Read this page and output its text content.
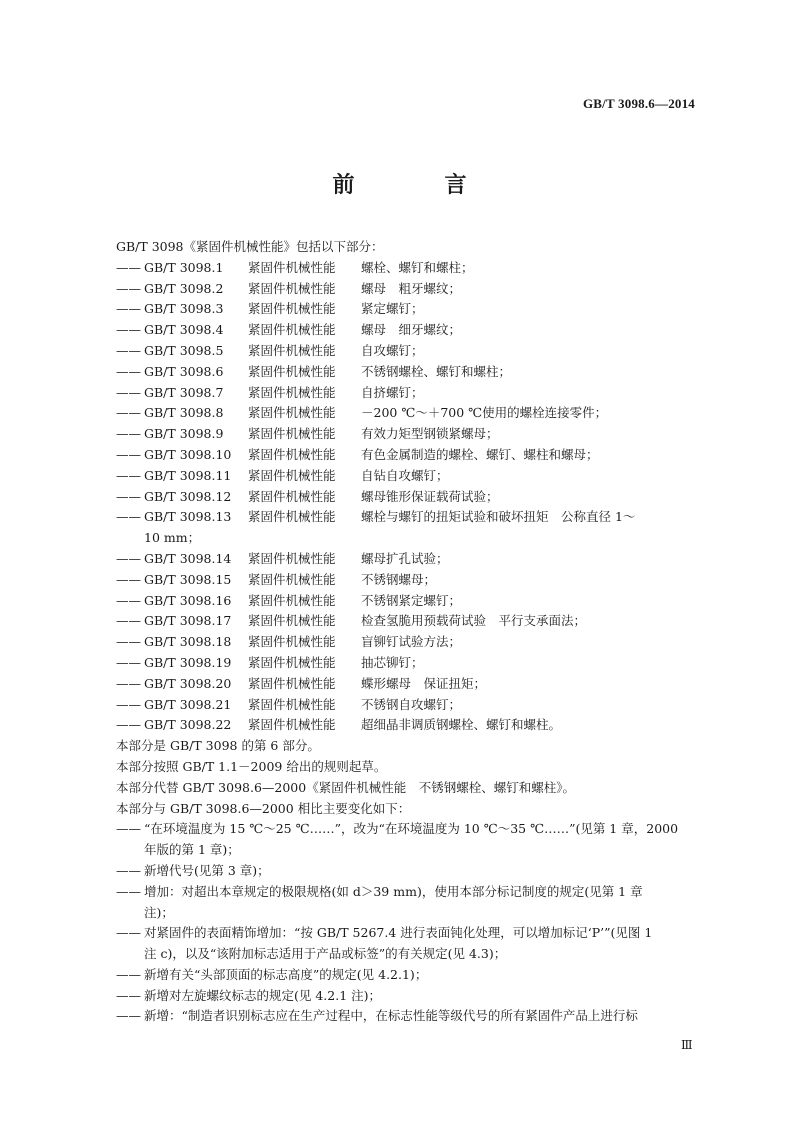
GB/T 3098.6—2014
前　言
GB/T 3098《紧固件机械性能》包括以下部分：
—— GB/T 3098.1	紧固件机械性能	螺栓、螺钉和螺柱；
—— GB/T 3098.2	紧固件机械性能	螺母　粗牙螺纹；
—— GB/T 3098.3	紧固件机械性能	紧定螺钉；
—— GB/T 3098.4	紧固件机械性能	螺母　细牙螺纹；
—— GB/T 3098.5	紧固件机械性能	自攻螺钉；
—— GB/T 3098.6	紧固件机械性能	不锈钢螺栓、螺钉和螺柱；
—— GB/T 3098.7	紧固件机械性能	自挤螺钉；
—— GB/T 3098.8	紧固件机械性能	－200 ℃～＋700 ℃使用的螺栓连接零件；
—— GB/T 3098.9	紧固件机械性能	有效力矩型钢锁紧螺母；
—— GB/T 3098.10	紧固件机械性能	有色金属制造的螺栓、螺钉、螺柱和螺母；
—— GB/T 3098.11	紧固件机械性能	自钻自攻螺钉；
—— GB/T 3098.12	紧固件机械性能	螺母锥形保证载荷试验；
—— GB/T 3098.13	紧固件机械性能	螺栓与螺钉的扭矩试验和破坏扭矩　公称直径 1～
10 mm；
—— GB/T 3098.14	紧固件机械性能	螺母扩孔试验；
—— GB/T 3098.15	紧固件机械性能	不锈钢螺母；
—— GB/T 3098.16	紧固件机械性能	不锈钢紧定螺钉；
—— GB/T 3098.17	紧固件机械性能	检查氢脆用预载荷试验　平行支承面法；
—— GB/T 3098.18	紧固件机械性能	盲铆钉试验方法；
—— GB/T 3098.19	紧固件机械性能	抽芯铆钉；
—— GB/T 3098.20	紧固件机械性能	蝶形螺母　保证扭矩；
—— GB/T 3098.21	紧固件机械性能	不锈钢自攻螺钉；
—— GB/T 3098.22	紧固件机械性能	超细晶非调质钢螺栓、螺钉和螺柱。
本部分是 GB/T 3098 的第 6 部分。
本部分按照 GB/T 1.1－2009 给出的规则起草。
本部分代替 GB/T 3098.6—2000《紧固件机械性能　不锈钢螺栓、螺钉和螺柱》。
本部分与 GB/T 3098.6—2000 相比主要变化如下：
—— “在环境温度为 15 ℃～25 ℃……”，改为“在环境温度为 10 ℃～35 ℃……”(见第 1 章，2000
年版的第 1 章)；
—— 新增代号(见第 3 章)；
—— 增加：对超出本章规定的极限规格(如 d＞39 mm)，使用本部分标记制度的规定(见第 1 章
注)；
—— 对紧固件的表面精饰增加：“按 GB/T 5267.4 进行表面钝化处理，可以增加标记‘P’”(见图 1
注 c)，以及“该附加标志适用于产品或标签”的有关规定(见 4.3)；
—— 新增有关“头部顶面的标志高度”的规定(见 4.2.1)；
—— 新增对左旋螺纹标志的规定(见 4.2.1 注)；
—— 新增：“制造者识别标志应在生产过程中，在标志性能等级代号的所有紧固件产品上进行标
Ⅲ
